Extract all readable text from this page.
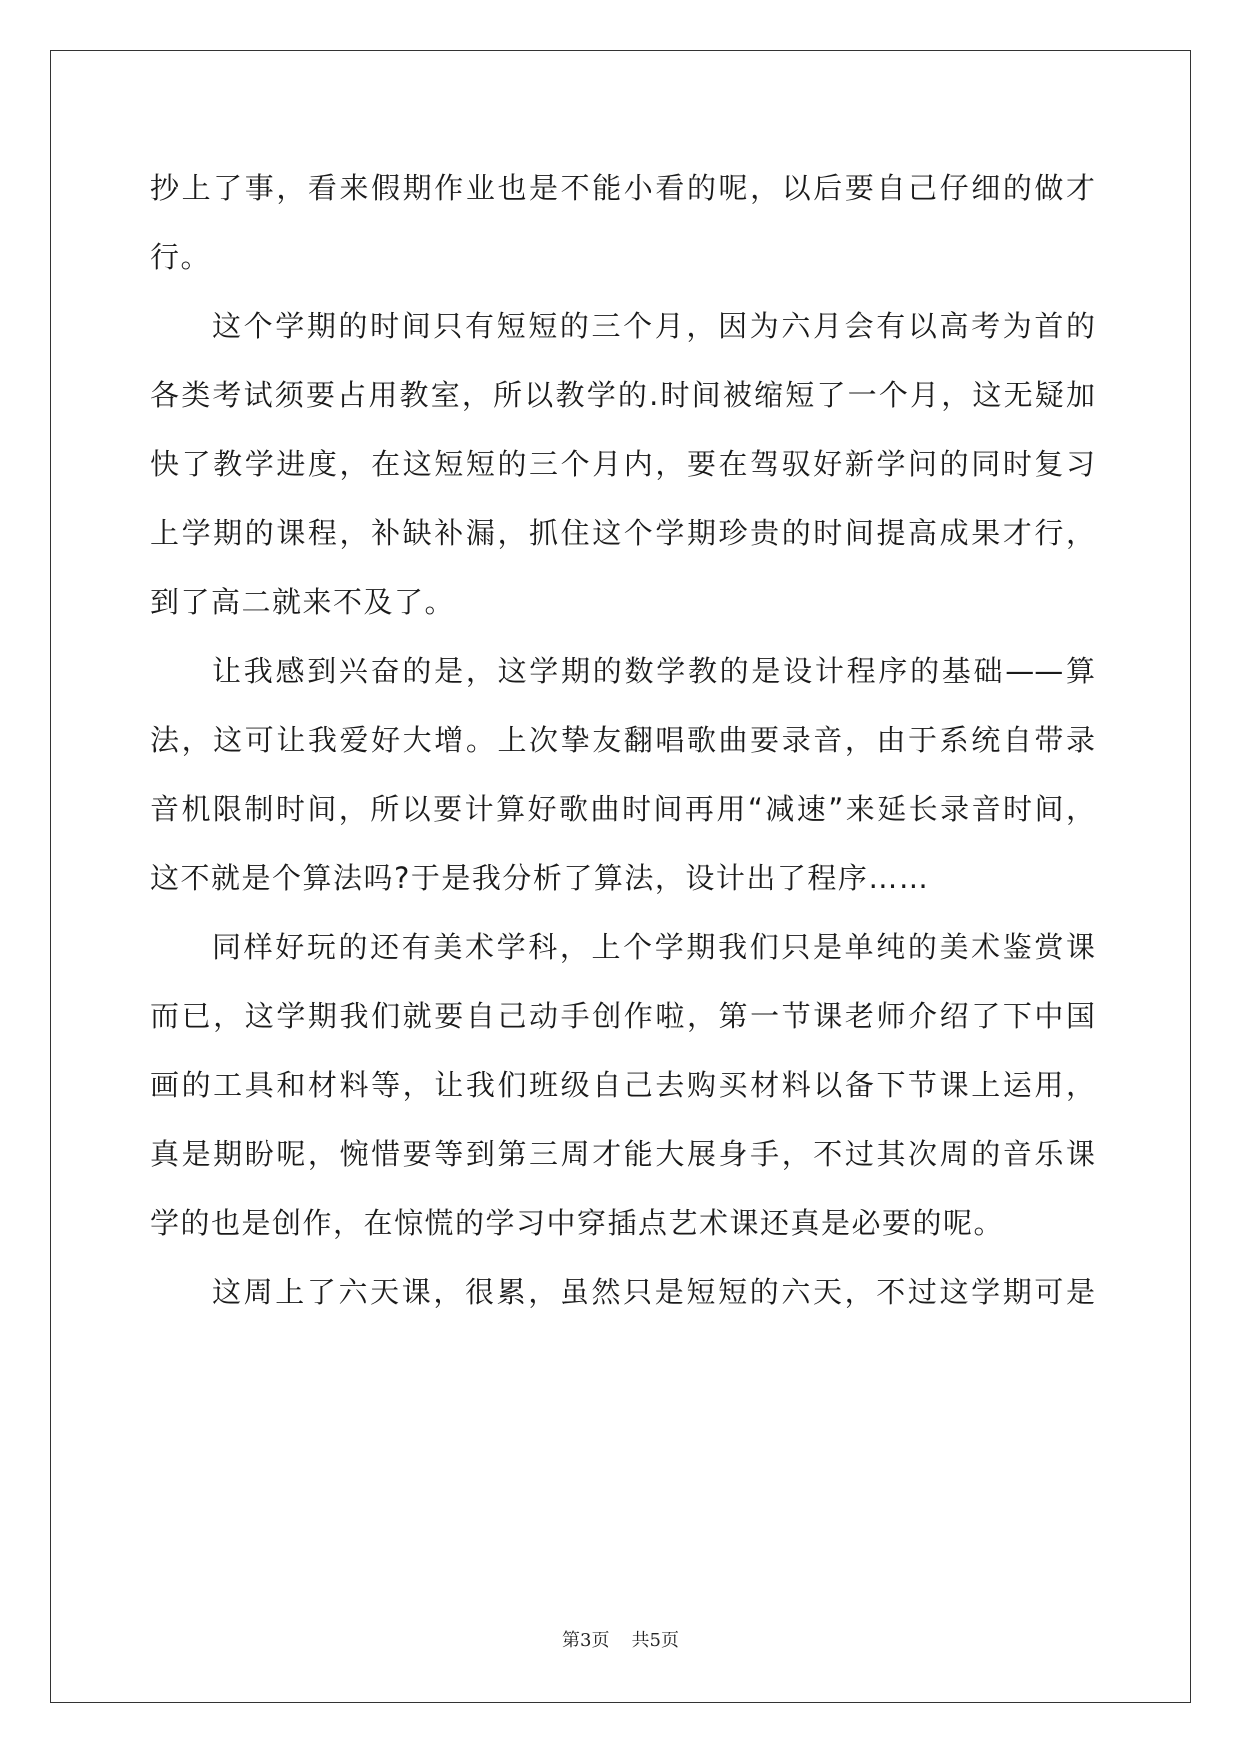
抄上了事，看来假期作业也是不能小看的呢，以后要自己仔细的做才
行。
这个学期的时间只有短短的三个月，因为六月会有以高考为首的
各类考试须要占用教室，所以教学的.时间被缩短了一个月，这无疑加
快了教学进度，在这短短的三个月内，要在驾驭好新学问的同时复习
上学期的课程，补缺补漏，抓住这个学期珍贵的时间提高成果才行，
到了高二就来不及了。
让我感到兴奋的是，这学期的数学教的是设计程序的基础——算
法，这可让我爱好大增。上次挚友翻唱歌曲要录音，由于系统自带录
音机限制时间，所以要计算好歌曲时间再用“减速”来延长录音时间，
这不就是个算法吗?于是我分析了算法，设计出了程序……
同样好玩的还有美术学科，上个学期我们只是单纯的美术鉴赏课
而已，这学期我们就要自己动手创作啦，第一节课老师介绍了下中国
画的工具和材料等，让我们班级自己去购买材料以备下节课上运用，
真是期盼呢，惋惜要等到第三周才能大展身手，不过其次周的音乐课
学的也是创作，在惊慌的学习中穿插点艺术课还真是必要的呢。
这周上了六天课，很累，虽然只是短短的六天，不过这学期可是
第3页 共5页
